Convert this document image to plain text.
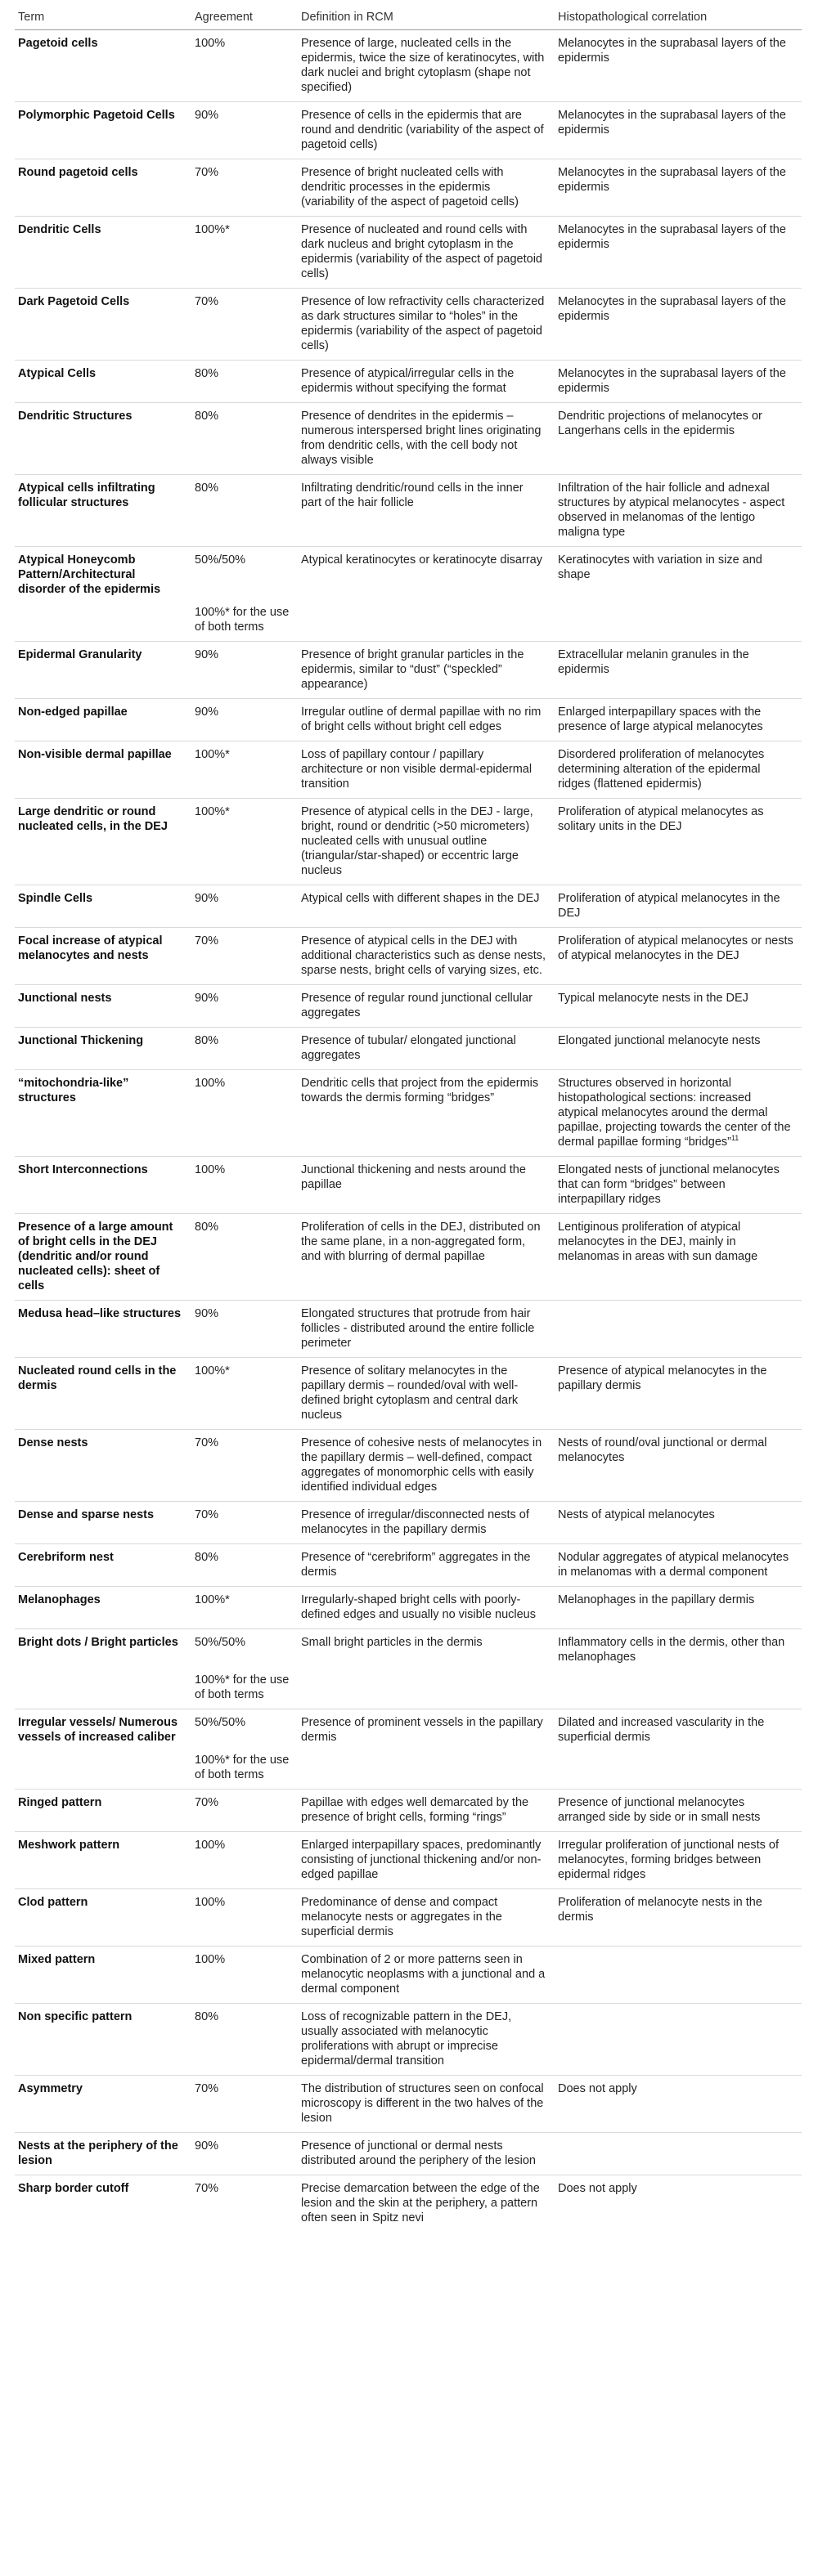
Term	Agreement	Definition in RCM	Histopathological correlation
Pagetoid cells	100%	Presence of large, nucleated cells in the epidermis, twice the size of keratinocytes, with dark nuclei and bright cytoplasm (shape not specified)	Melanocytes in the suprabasal layers of the epidermis
Polymorphic Pagetoid Cells	90%	Presence of cells in the epidermis that are round and dendritic (variability of the aspect of pagetoid cells)	Melanocytes in the suprabasal layers of the epidermis
Round pagetoid cells	70%	Presence of bright nucleated cells with dendritic processes in the epidermis (variability of the aspect of pagetoid cells)	Melanocytes in the suprabasal layers of the epidermis
Dendritic Cells	100%*	Presence of nucleated and round cells with dark nucleus and bright cytoplasm in the epidermis (variability of the aspect of pagetoid cells)	Melanocytes in the suprabasal layers of the epidermis
Dark Pagetoid Cells	70%	Presence of low refractivity cells characterized as dark structures similar to “holes” in the epidermis (variability of the aspect of pagetoid cells)	Melanocytes in the suprabasal layers of the epidermis
Atypical Cells	80%	Presence of atypical/irregular cells in the epidermis without specifying the format	Melanocytes in the suprabasal layers of the epidermis
Dendritic Structures	80%	Presence of dendrites in the epidermis – numerous interspersed bright lines originating from dendritic cells, with the cell body not always visible	Dendritic projections of melanocytes or Langerhans cells in the epidermis
Atypical cells infiltrating follicular structures	80%	Infiltrating dendritic/round cells in the inner part of the hair follicle	Infiltration of the hair follicle and adnexal structures by atypical melanocytes - aspect observed in melanomas of the lentigo maligna type
Atypical Honeycomb Pattern/Architectural disorder of the epidermis	50%/50%	Atypical keratinocytes or keratinocyte disarray	Keratinocytes with variation in size and shape
	100%* for the use of both terms		
Epidermal Granularity	90%	Presence of bright granular particles in the epidermis, similar to “dust” (“speckled” appearance)	Extracellular melanin granules in the epidermis
Non-edged papillae	90%	Irregular outline of dermal papillae with no rim of bright cells without bright cell edges	Enlarged interpapillary spaces with the presence of large atypical melanocytes
Non-visible dermal papillae	100%*	Loss of papillary contour / papillary architecture or non visible dermal-epidermal transition	Disordered proliferation of melanocytes determining alteration of the epidermal ridges (flattened epidermis)
Large dendritic or round nucleated cells, in the DEJ	100%*	Presence of atypical cells in the DEJ - large, bright, round or dendritic (>50 micrometers) nucleated cells with unusual outline (triangular/star-shaped) or eccentric large nucleus	Proliferation of atypical melanocytes as solitary units in the DEJ
Spindle Cells	90%	Atypical cells with different shapes in the DEJ	Proliferation of atypical melanocytes in the DEJ
Focal increase of atypical melanocytes and nests	70%	Presence of atypical cells in the DEJ with additional characteristics such as dense nests, sparse nests, bright cells of varying sizes, etc.	Proliferation of atypical melanocytes or nests of atypical melanocytes in the DEJ
Junctional nests	90%	Presence of regular round junctional cellular aggregates	Typical melanocyte nests in the DEJ
Junctional Thickening	80%	Presence of tubular/ elongated junctional aggregates	Elongated junctional melanocyte nests
“mitochondria-like” structures	100%	Dendritic cells that project from the epidermis towards the dermis forming “bridges”	Structures observed in horizontal histopathological sections: increased atypical melanocytes around the dermal papillae, projecting towards the center of the dermal papillae forming “bridges”$^{11}$
Short Interconnections	100%	Junctional thickening and nests around the papillae	Elongated nests of junctional melanocytes that can form “bridges” between interpapillary ridges
Presence of a large amount of bright cells in the DEJ (dendritic and/or round nucleated cells): sheet of cells	80%	Proliferation of cells in the DEJ, distributed on the same plane, in a non-aggregated form, and with blurring of dermal papillae	Lentiginous proliferation of atypical melanocytes in the DEJ, mainly in melanomas in areas with sun damage
Medusa head–like structures	90%	Elongated structures that protrude from hair follicles - distributed around the entire follicle perimeter	
Nucleated round cells in the dermis	100%*	Presence of solitary melanocytes in the papillary dermis – rounded/oval with well-defined bright cytoplasm and central dark nucleus	Presence of atypical melanocytes in the papillary dermis
Dense nests	70%	Presence of cohesive nests of melanocytes in the papillary dermis – well-defined, compact aggregates of monomorphic cells with easily identified individual edges	Nests of round/oval junctional or dermal melanocytes
Dense and sparse nests	70%	Presence of irregular/disconnected nests of melanocytes in the papillary dermis	Nests of atypical melanocytes
Cerebriform nest	80%	Presence of “cerebriform” aggregates in the dermis	Nodular aggregates of atypical melanocytes in melanomas with a dermal component
Melanophages	100%*	Irregularly-shaped bright cells with poorly-defined edges and usually no visible nucleus	Melanophages in the papillary dermis
Bright dots / Bright particles	50%/50%	Small bright particles in the dermis	Inflammatory cells in the dermis, other than melanophages
	100%* for the use of both terms		
Irregular vessels/ Numerous vessels of increased caliber	50%/50%	Presence of prominent vessels in the papillary dermis	Dilated and increased vascularity in the superficial dermis
	100%* for the use of both terms		
Ringed pattern	70%	Papillae with edges well demarcated by the presence of bright cells, forming “rings”	Presence of junctional melanocytes arranged side by side or in small nests
Meshwork pattern	100%	Enlarged interpapillary spaces, predominantly consisting of junctional thickening and/or non-edged papillae	Irregular proliferation of junctional nests of melanocytes, forming bridges between epidermal ridges
Clod pattern	100%	Predominance of dense and compact melanocyte nests or aggregates in the superficial dermis	Proliferation of melanocyte nests in the dermis
Mixed pattern	100%	Combination of 2 or more patterns seen in melanocytic neoplasms with a junctional and a dermal component	
Non specific pattern	80%	Loss of recognizable pattern in the DEJ, usually associated with melanocytic proliferations with abrupt or imprecise epidermal/dermal transition	
Asymmetry	70%	The distribution of structures seen on confocal microscopy is different in the two halves of the lesion	Does not apply
Nests at the periphery of the lesion	90%	Presence of junctional or dermal nests distributed around the periphery of the lesion	
Sharp border cutoff	70%	Precise demarcation between the edge of the lesion and the skin at the periphery, a pattern often seen in Spitz nevi	Does not apply
